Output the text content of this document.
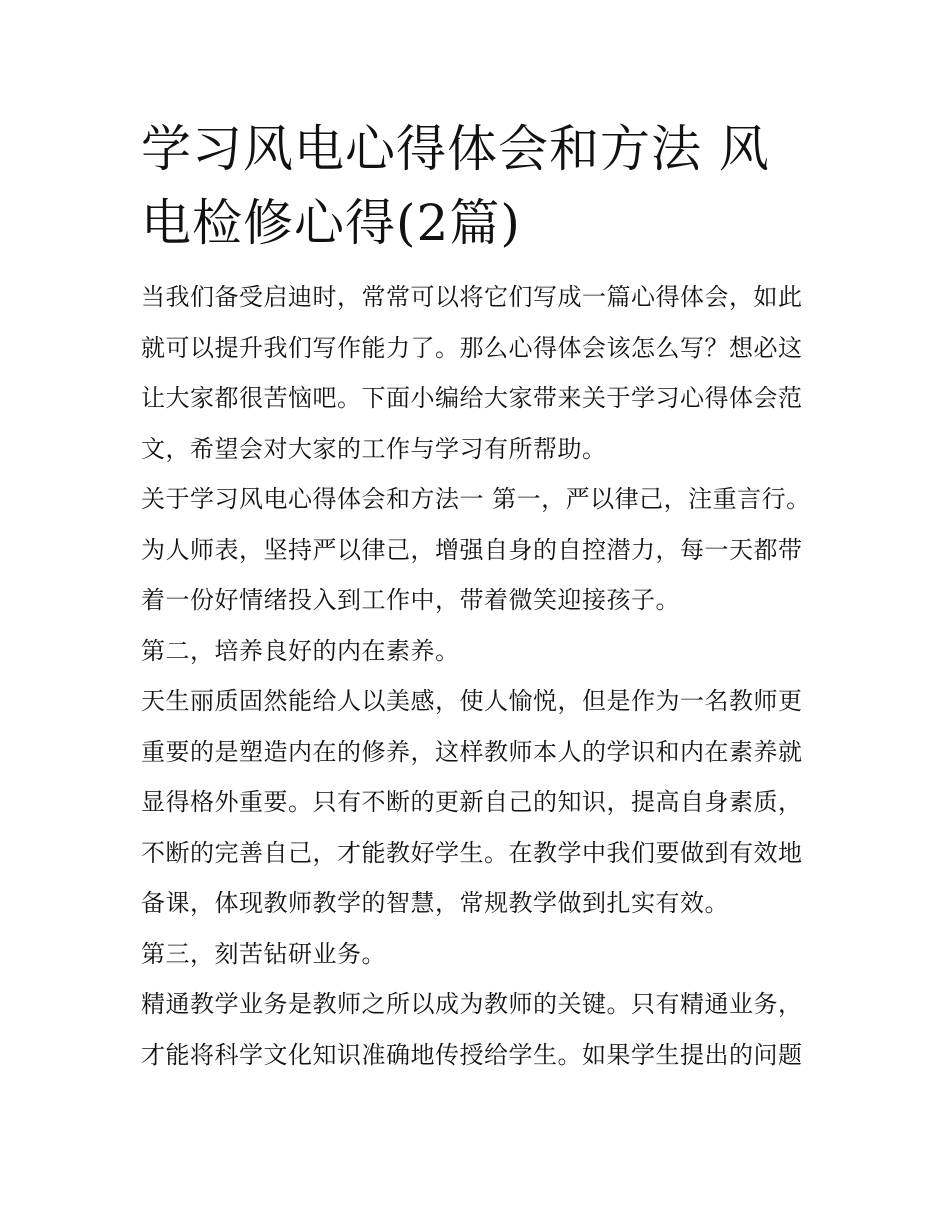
学习风电心得体会和方法 风电检修心得(2篇)

当我们备受启迪时，常常可以将它们写成一篇心得体会，如此就可以提升我们写作能力了。那么心得体会该怎么写？想必这让大家都很苦恼吧。下面小编给大家带来关于学习心得体会范文，希望会对大家的工作与学习有所帮助。

关于学习风电心得体会和方法一 第一，严以律己，注重言行。 为人师表，坚持严以律己，增强自身的自控潜力，每一天都带着一份好情绪投入到工作中，带着微笑迎接孩子。

第二，培养良好的内在素养。

天生丽质固然能给人以美感，使人愉悦，但是作为一名教师更重要的是塑造内在的修养，这样教师本人的学识和内在素养就显得格外重要。只有不断的更新自己的知识，提高自身素质，不断的完善自己，才能教好学生。在教学中我们要做到有效地备课，体现教师教学的智慧，常规教学做到扎实有效。

第三，刻苦钻研业务。

精通教学业务是教师之所以成为教师的关键。只有精通业务，才能将科学文化知识准确地传授给学生。如果学生提出的问题
